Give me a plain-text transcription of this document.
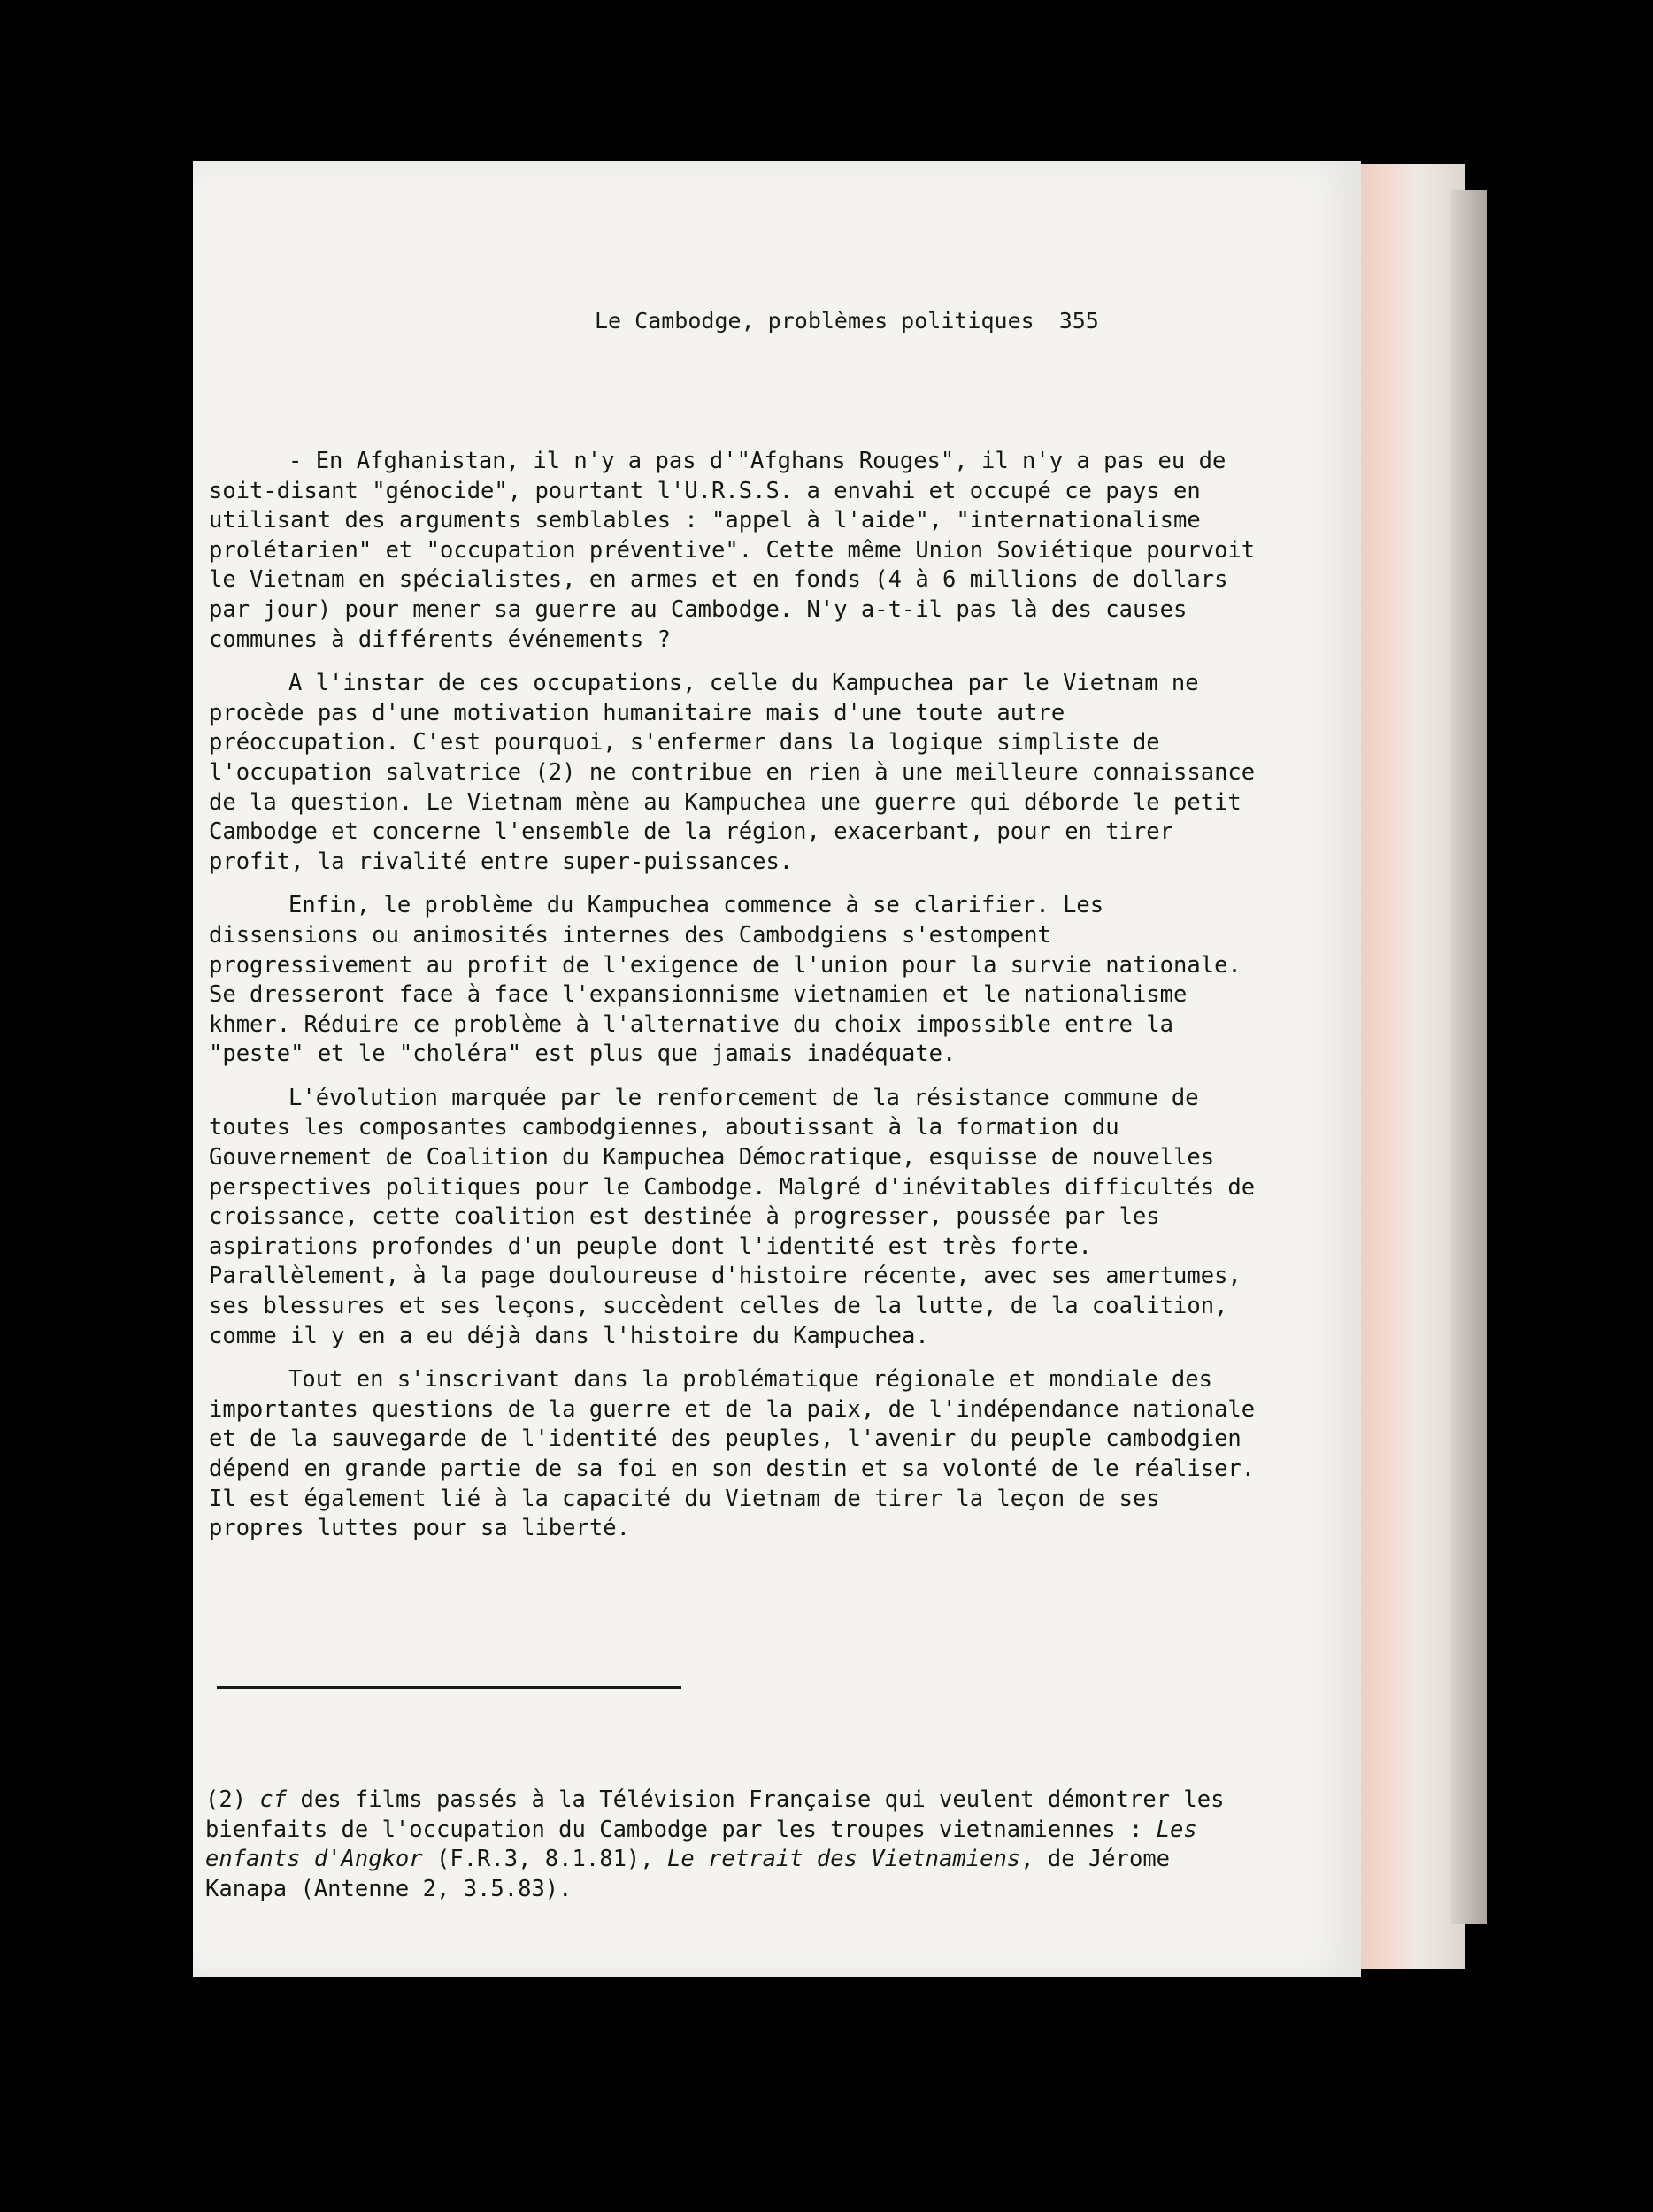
Le Cambodge, problèmes politiques 355

- En Afghanistan, il n'y a pas d'"Afghans Rouges", il n'y a pas eu de soit-disant "génocide", pourtant l'U.R.S.S. a envahi et occupé ce pays en utilisant des arguments semblables : "appel à l'aide", "internationalisme prolétarien" et "occupation préventive". Cette même Union Soviétique pourvoit le Vietnam en spécialistes, en armes et en fonds (4 à 6 millions de dollars par jour) pour mener sa guerre au Cambodge. N'y a-t-il pas là des causes communes à différents événements ?

A l'instar de ces occupations, celle du Kampuchea par le Vietnam ne procède pas d'une motivation humanitaire mais d'une toute autre préoccupation. C'est pourquoi, s'enfermer dans la logique simpliste de l'occupation salvatrice (2) ne contribue en rien à une meilleure connaissance de la question. Le Vietnam mène au Kampuchea une guerre qui déborde le petit Cambodge et concerne l'ensemble de la région, exacerbant, pour en tirer profit, la rivalité entre super-puissances.

Enfin, le problème du Kampuchea commence à se clarifier. Les dissensions ou animosités internes des Cambodgiens s'estompent progressivement au profit de l'exigence de l'union pour la survie nationale. Se dresseront face à face l'expansionnisme vietnamien et le nationalisme khmer. Réduire ce problème à l'alternative du choix impossible entre la "peste" et le "choléra" est plus que jamais inadéquate.

L'évolution marquée par le renforcement de la résistance commune de toutes les composantes cambodgiennes, aboutissant à la formation du Gouvernement de Coalition du Kampuchea Démocratique, esquisse de nouvelles perspectives politiques pour le Cambodge. Malgré d'inévitables difficultés de croissance, cette coalition est destinée à progresser, poussée par les aspirations profondes d'un peuple dont l'identité est très forte. Parallèlement, à la page douloureuse d'histoire récente, avec ses amertumes, ses blessures et ses leçons, succèdent celles de la lutte, de la coalition, comme il y en a eu déjà dans l'histoire du Kampuchea.

Tout en s'inscrivant dans la problématique régionale et mondiale des importantes questions de la guerre et de la paix, de l'indépendance nationale et de la sauvegarde de l'identité des peuples, l'avenir du peuple cambodgien dépend en grande partie de sa foi en son destin et sa volonté de le réaliser. Il est également lié à la capacité du Vietnam de tirer la leçon de ses propres luttes pour sa liberté.

(2) cf des films passés à la Télévision Française qui veulent démontrer les bienfaits de l'occupation du Cambodge par les troupes vietnamiennes : Les enfants d'Angkor (F.R.3, 8.1.81), Le retrait des Vietnamiens, de Jérome Kanapa (Antenne 2, 3.5.83).
